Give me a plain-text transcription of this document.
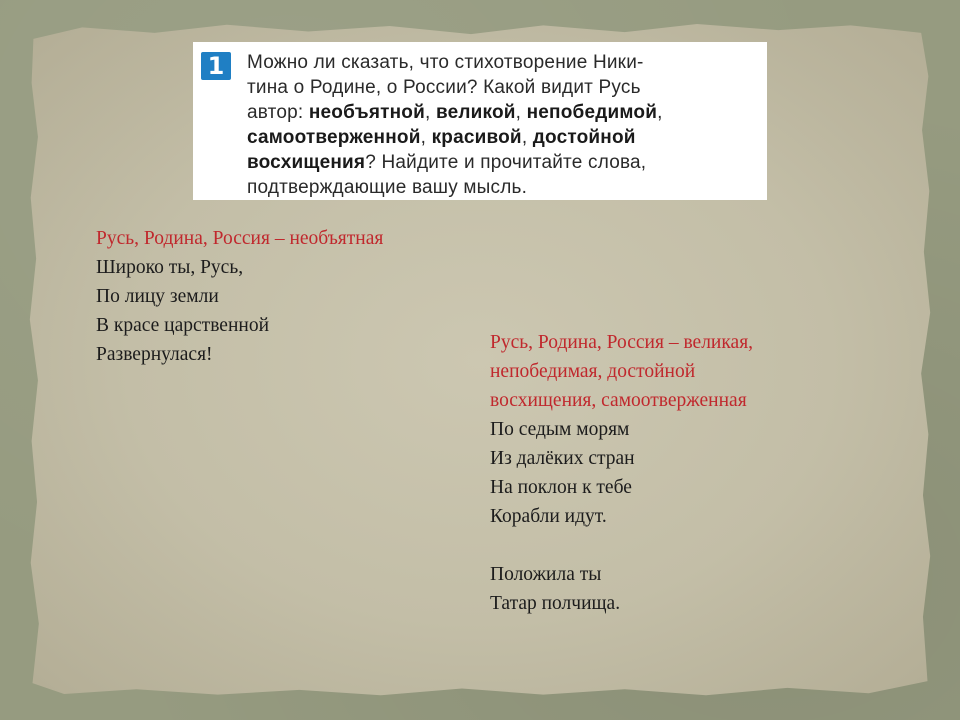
1	Можно ли сказать, что стихотворение Ники-
тина о Родине, о России? Какой видит Русь
автор: необъятной, великой, непобедимой,
самоотверженной, красивой, достойной
восхищения? Найдите и прочитайте слова,
подтверждающие вашу мысль.
Русь, Родина, Россия – необъятная
Широко ты, Русь,
По лицу земли
В красе царственной
Развернулася!
Русь, Родина, Россия – великая,
непобедимая, достойной
восхищения, самоотверженная
По седым морям
Из далёких стран
На поклон к тебе
Корабли идут.
Положила ты
Татар полчища.
